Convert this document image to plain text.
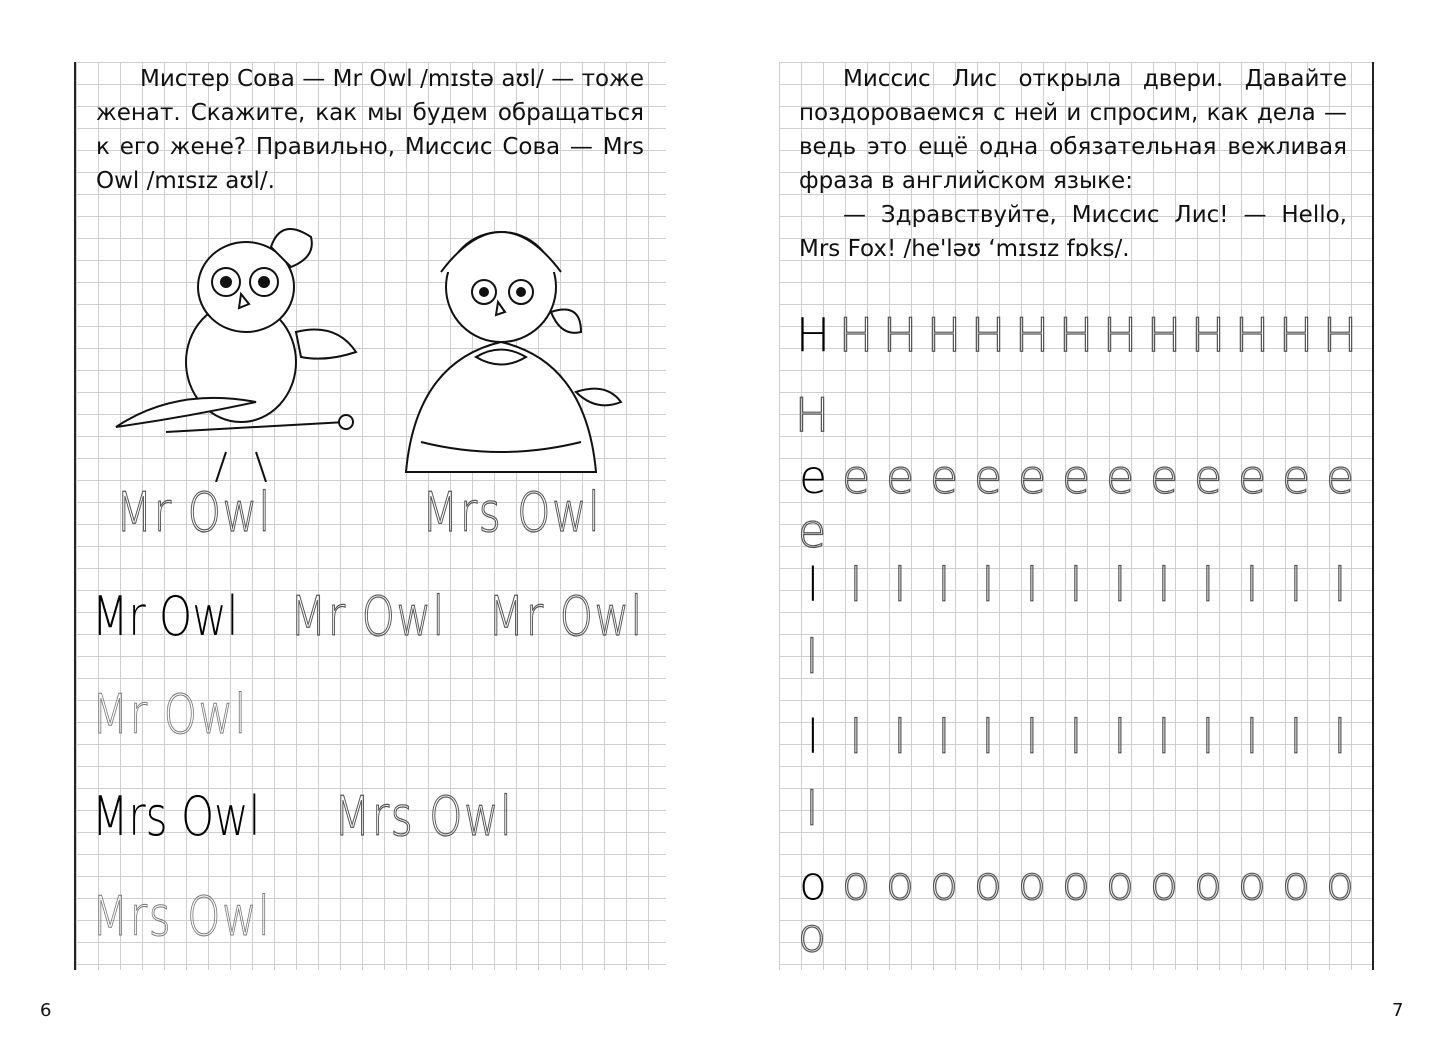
Мистер Сова — Mr Owl /mɪstə aʊl/ — тоже женат. Скажите, как мы будем обращаться к его жене? Правильно, Миссис Сова — Mrs Owl /mɪsɪz aʊl/.

Mr Owl	Mrs Owl
Mr Owl Mr Owl Mr Owl
Mr Owl
Mrs Owl Mrs Owl
Mrs Owl
6

Миссис Лис открыла двери. Давайте поздороваемся с ней и спросим, как дела — ведь это ещё одна обязательная вежливая фраза в английском языке:

— Здравствуйте, Миссис Лис! — Hello, Mrs Fox! /he'ləʊ ‘mɪsɪz fɒks/.

H H H H H H H H H H H H H
H
e e e e e e e e e e e e e
e
l l l l l l l l l l l l l
l
l l l l l l l l l l l l l
l
o o o o o o o o o o o o o
o
7
